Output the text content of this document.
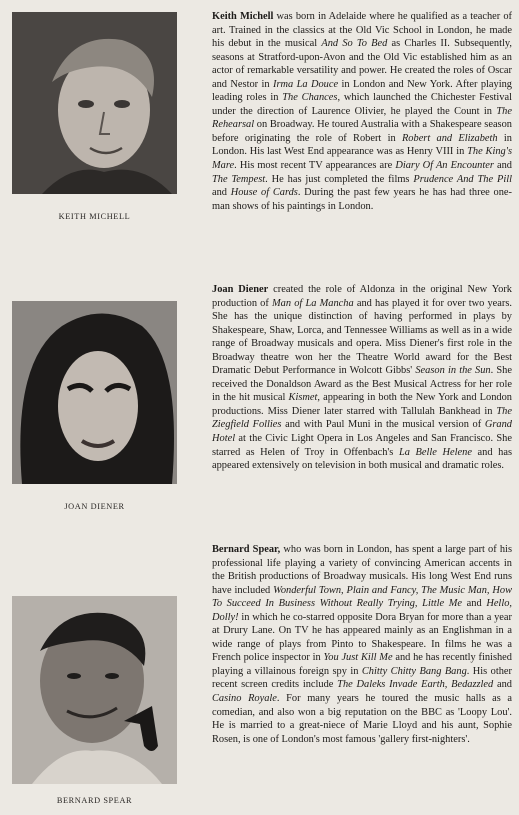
KEITH MICHELL
Keith Michell was born in Adelaide where he qualified as a teacher of art. Trained in the classics at the Old Vic School in London, he made his debut in the musical And So To Bed as Charles II. Subsequently, seasons at Stratford-upon-Avon and the Old Vic established him as an actor of remarkable versatility and power. He created the roles of Oscar and Nestor in Irma La Douce in London and New York. After playing leading roles in The Chances, which launched the Chichester Festival under the direction of Laurence Olivier, he played the Count in The Rehearsal on Broadway. He toured Australia with a Shakespeare season before originating the role of Robert in Robert and Elizabeth in London. His last West End appearance was as Henry VIII in The King's Mare. His most recent TV appearances are Diary Of An Encounter and The Tempest. He has just completed the films Prudence And The Pill and House of Cards. During the past few years he has had three one-man shows of his paintings in London.
JOAN DIENER
Joan Diener created the role of Aldonza in the original New York production of Man of La Mancha and has played it for over two years. She has the unique distinction of having performed in plays by Shakespeare, Shaw, Lorca, and Tennessee Williams as well as in a wide range of Broadway musicals and opera. Miss Diener's first role in the Broadway theatre won her the Theatre World award for the Best Dramatic Debut Performance in Wolcott Gibbs' Season in the Sun. She received the Donaldson Award as the Best Musical Actress for her role in the hit musical Kismet, appearing in both the New York and London productions. Miss Diener later starred with Tallulah Bankhead in The Ziegfield Follies and with Paul Muni in the musical version of Grand Hotel at the Civic Light Opera in Los Angeles and San Francisco. She starred as Helen of Troy in Offenbach's La Belle Helene and has appeared extensively on television in both musical and dramatic roles.
BERNARD SPEAR
Bernard Spear, who was born in London, has spent a large part of his professional life playing a variety of convincing American accents in the British productions of Broadway musicals. His long West End runs have included Wonderful Town, Plain and Fancy, The Music Man, How To Succeed In Business Without Really Trying, Little Me and Hello, Dolly! in which he co-starred opposite Dora Bryan for more than a year at Drury Lane. On TV he has appeared mainly as an Englishman in a wide range of plays from Pinto to Shakespeare. In films he was a French police inspector in You Just Kill Me and he has recently finished playing a villainous foreign spy in Chitty Chitty Bang Bang. His other recent screen credits include The Daleks Invade Earth, Bedazzled and Casino Royale. For many years he toured the music halls as a comedian, and also won a big reputation on the BBC as 'Loopy Lou'. He is married to a great-niece of Marie Lloyd and his aunt, Sophie Rosen, is one of London's most famous 'gallery first-nighters'.
